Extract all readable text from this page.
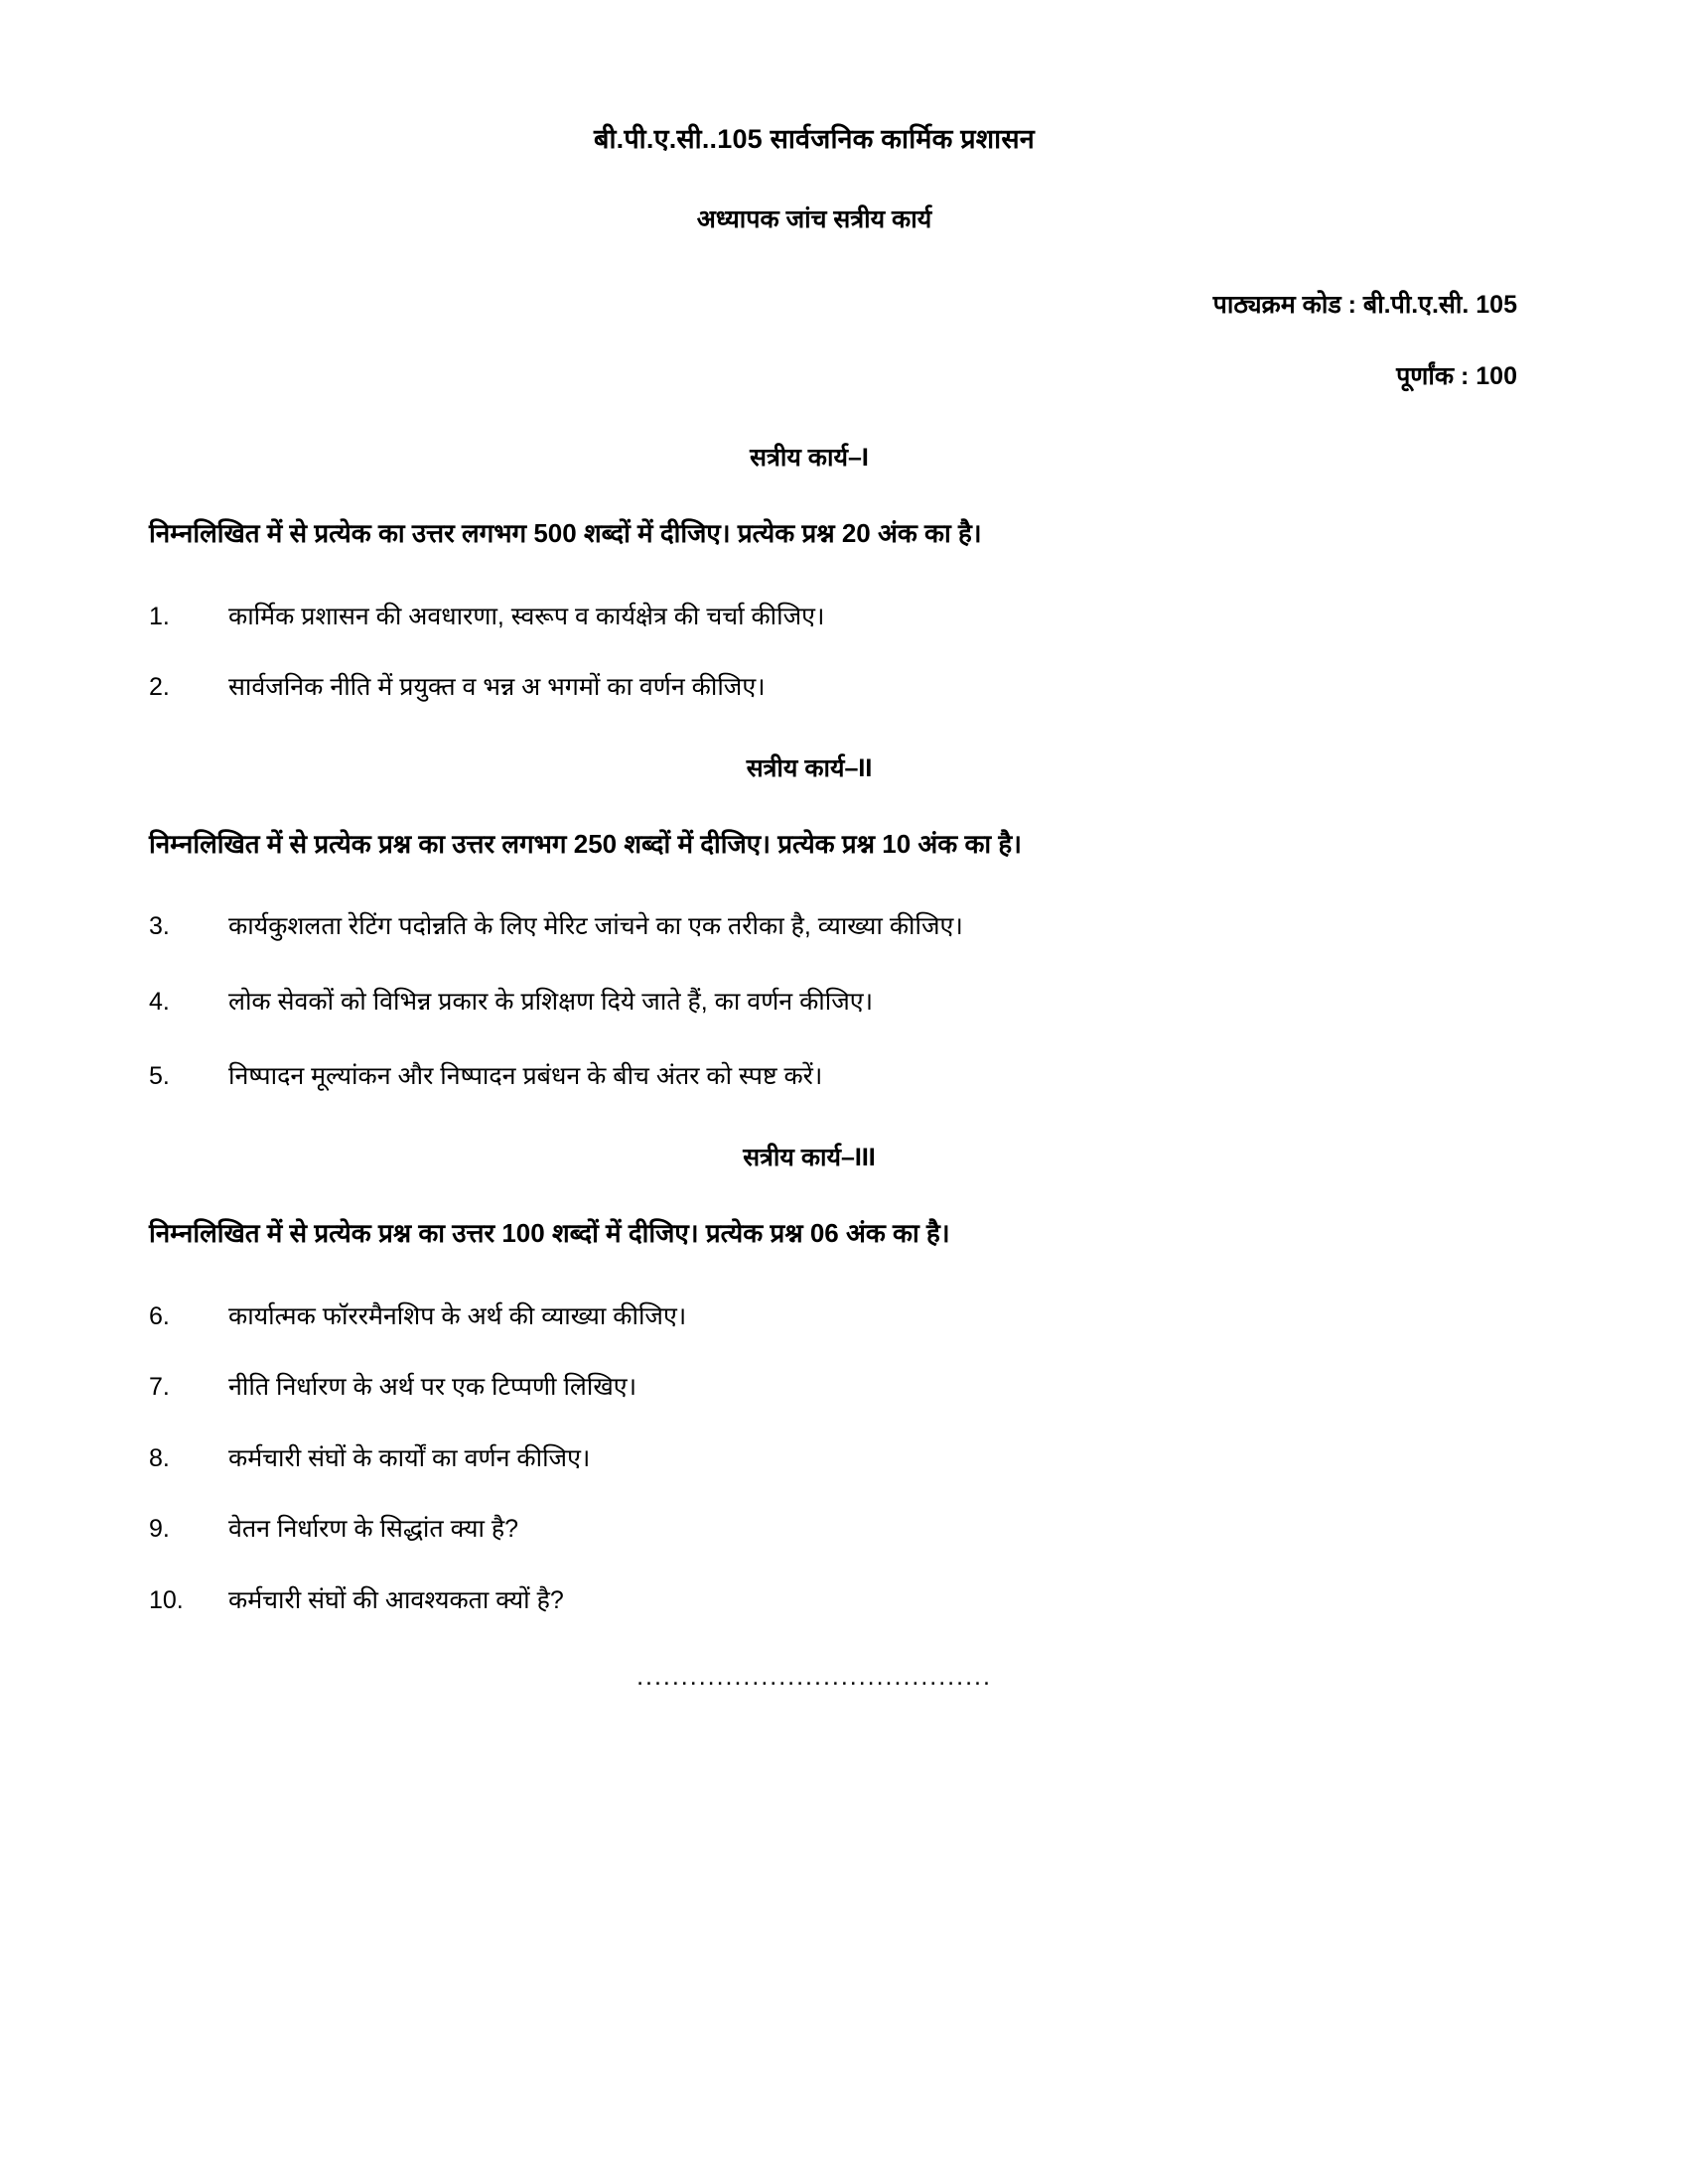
बी.पी.ए.सी..105 सार्वजनिक कार्मिक प्रशासन
अध्यापक जांच सत्रीय कार्य
पाठ्यक्रम कोड : बी.पी.ए.सी. 105
पूर्णांक : 100
सत्रीय कार्य–I
निम्नलिखित में से प्रत्येक का उत्तर लगभग 500 शब्दों में दीजिए। प्रत्येक प्रश्न 20 अंक का है।
1.	कार्मिक प्रशासन की अवधारणा, स्वरूप व कार्यक्षेत्र की चर्चा कीजिए।
2.	सार्वजनिक नीति में प्रयुक्त व भन्न अ भगमों का वर्णन कीजिए।
सत्रीय कार्य–II
निम्नलिखित में से प्रत्येक प्रश्न का उत्तर लगभग 250 शब्दों में दीजिए। प्रत्येक प्रश्न 10 अंक का है।
3.	कार्यकुशलता रेटिंग पदोन्नति के लिए मेरिट जांचने का एक तरीका है, व्याख्या कीजिए।
4.	लोक सेवकों को विभिन्न प्रकार के प्रशिक्षण दिये जाते हैं, का वर्णन कीजिए।
5.	निष्पादन मूल्यांकन और निष्पादन प्रबंधन के बीच अंतर को स्पष्ट करें।
सत्रीय कार्य–III
निम्नलिखित में से प्रत्येक प्रश्न का उत्तर 100 शब्दों में दीजिए। प्रत्येक प्रश्न 06 अंक का है।
6.	कार्यात्मक फॉररमैनशिप के अर्थ की व्याख्या कीजिए।
7.	नीति निर्धारण के अर्थ पर एक टिप्पणी लिखिए।
8.	कर्मचारी संघों के कार्यों का वर्णन कीजिए।
9.	वेतन निर्धारण के सिद्धांत क्या है?
10.	कर्मचारी संघों की आवश्यकता क्यों है?
........................................
